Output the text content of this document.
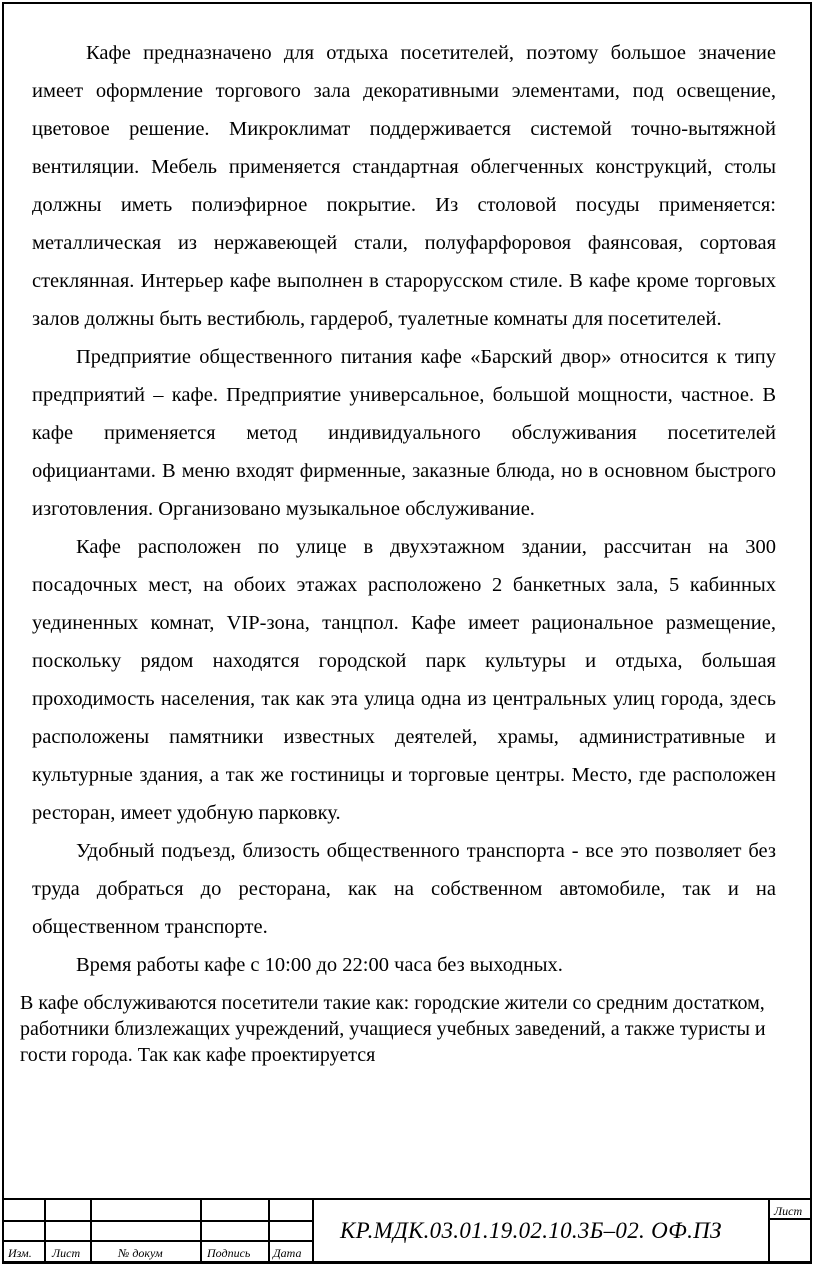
Кафе предназначено для отдыха посетителей, поэтому большое значение имеет оформление торгового зала декоративными элементами, под освещение, цветовое решение. Микроклимат поддерживается системой точно-вытяжной вентиляции. Мебель применяется стандартная облегченных конструкций, столы должны иметь полиэфирное покрытие. Из столовой посуды применяется: металлическая из нержавеющей стали, полуфарфоровоя фаянсовая, сортовая стеклянная. Интерьер кафе выполнен в старорусском стиле. В кафе кроме торговых залов должны быть вестибюль, гардероб, туалетные комнаты для посетителей.

Предприятие общественного питания кафе «Барский двор» относится к типу предприятий – кафе. Предприятие универсальное, большой мощности, частное. В кафе применяется метод индивидуального обслуживания посетителей официантами. В меню входят фирменные, заказные блюда, но в основном быстрого изготовления. Организовано музыкальное обслуживание.

Кафе расположен по улице в двухэтажном здании, рассчитан на 300 посадочных мест, на обоих этажах расположено 2 банкетных зала, 5 кабинных уединенных комнат, VIP-зона, танцпол. Кафе имеет рациональное размещение, поскольку рядом находятся городской парк культуры и отдыха, большая проходимость населения, так как эта улица одна из центральных улиц города, здесь расположены памятники известных деятелей, храмы, административные и культурные здания, а так же гостиницы и торговые центры. Место, где расположен ресторан, имеет удобную парковку.

Удобный подъезд, близость общественного транспорта - все это позволяет без труда добраться до ресторана, как на собственном автомобиле, так и на общественном транспорте.

Время работы кафе с 10:00 до 22:00 часа без выходных.

В кафе обслуживаются посетители такие как: городские жители со средним достатком, работники близлежащих учреждений, учащиеся учебных заведений, а также туристы и гости города. Так как кафе проектируется

Изм. Лист	№ докум	Подпись Дата
КР.МДК.03.01.19.02.10.3Б–02. ОФ.ПЗ
Лист
